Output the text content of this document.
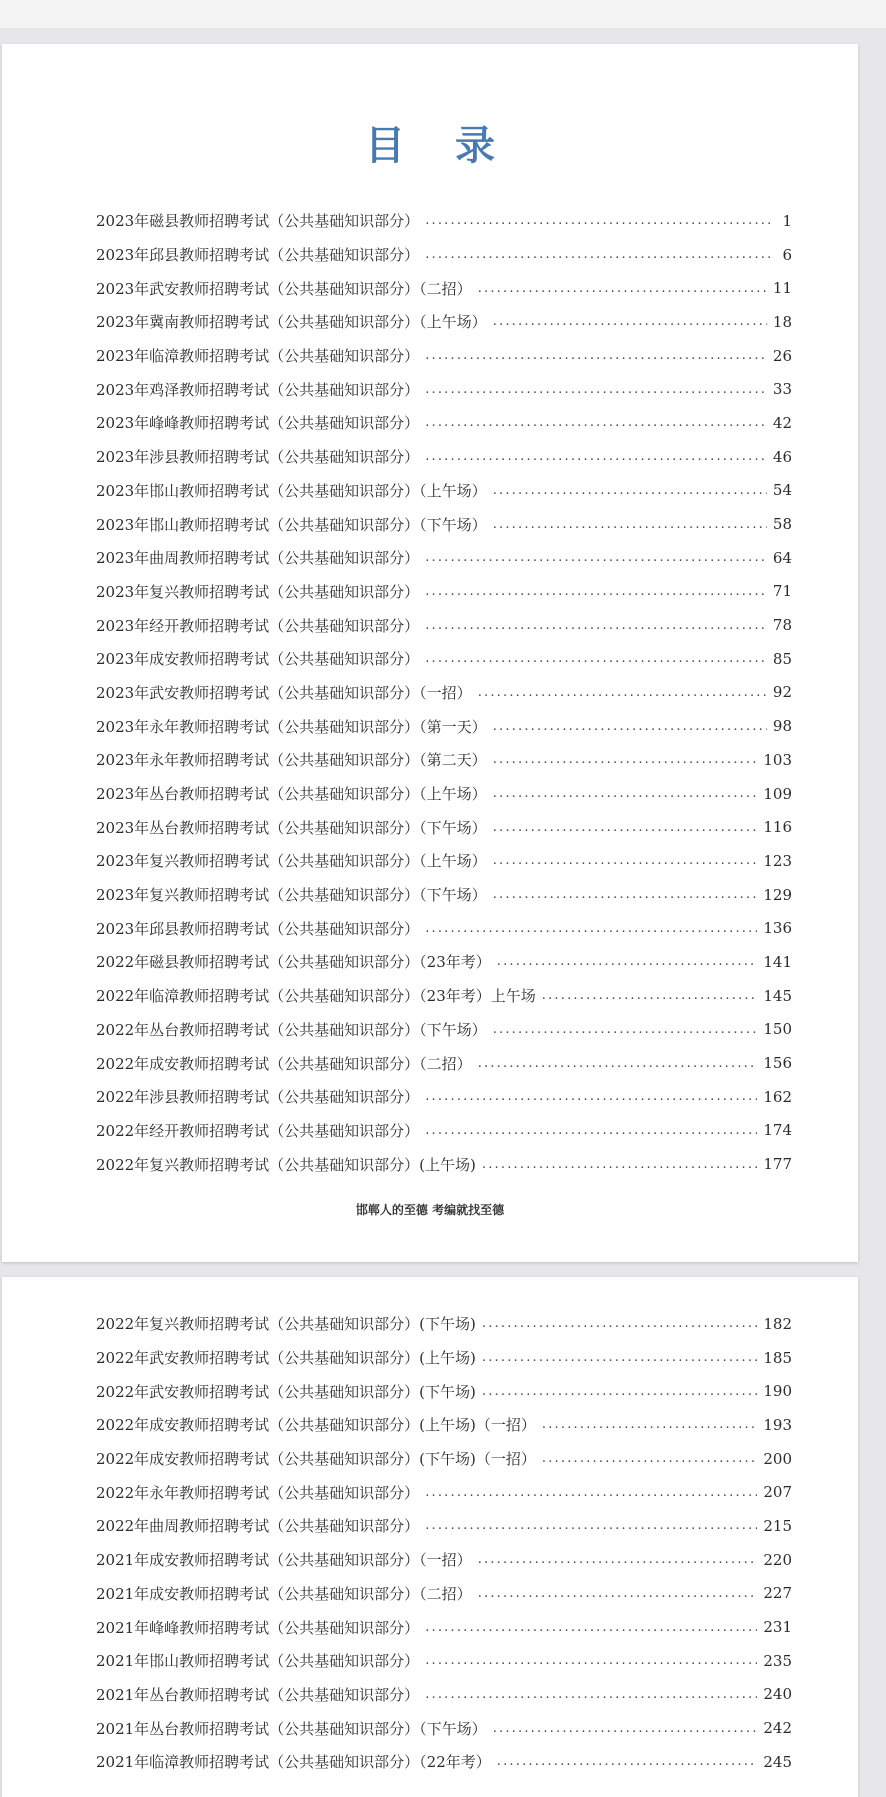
目 录
2023年磁县教师招聘考试（公共基础知识部分） .....	1
2023年邱县教师招聘考试（公共基础知识部分） .....	6
2023年武安教师招聘考试（公共基础知识部分）（二招） .....	11
2023年冀南教师招聘考试（公共基础知识部分）（上午场） .....	18
2023年临漳教师招聘考试（公共基础知识部分） .....	26
2023年鸡泽教师招聘考试（公共基础知识部分） .....	33
2023年峰峰教师招聘考试（公共基础知识部分） .....	42
2023年涉县教师招聘考试（公共基础知识部分） .....	46
2023年邯山教师招聘考试（公共基础知识部分）（上午场） .....	54
2023年邯山教师招聘考试（公共基础知识部分）（下午场） .....	58
2023年曲周教师招聘考试（公共基础知识部分） .....	64
2023年复兴教师招聘考试（公共基础知识部分） .....	71
2023年经开教师招聘考试（公共基础知识部分） .....	78
2023年成安教师招聘考试（公共基础知识部分） .....	85
2023年武安教师招聘考试（公共基础知识部分）（一招） .....	92
2023年永年教师招聘考试（公共基础知识部分）（第一天） .....	98
2023年永年教师招聘考试（公共基础知识部分）（第二天） .....	103
2023年丛台教师招聘考试（公共基础知识部分）（上午场） .....	109
2023年丛台教师招聘考试（公共基础知识部分）（下午场） .....	116
2023年复兴教师招聘考试（公共基础知识部分）（上午场） .....	123
2023年复兴教师招聘考试（公共基础知识部分）（下午场） .....	129
2023年邱县教师招聘考试（公共基础知识部分） .....	136
2022年磁县教师招聘考试（公共基础知识部分）（23年考） .....	141
2022年临漳教师招聘考试（公共基础知识部分）（23年考）上午场 .....	145
2022年丛台教师招聘考试（公共基础知识部分）（下午场） .....	150
2022年成安教师招聘考试（公共基础知识部分）（二招） .....	156
2022年涉县教师招聘考试（公共基础知识部分） .....	162
2022年经开教师招聘考试（公共基础知识部分） .....	174
2022年复兴教师招聘考试（公共基础知识部分）(上午场) .....	177
邯郸人的至德 考编就找至德
2022年复兴教师招聘考试（公共基础知识部分）(下午场) .....	182
2022年武安教师招聘考试（公共基础知识部分）(上午场) .....	185
2022年武安教师招聘考试（公共基础知识部分）(下午场) .....	190
2022年成安教师招聘考试（公共基础知识部分）(上午场)（一招） .....	193
2022年成安教师招聘考试（公共基础知识部分）(下午场)（一招） .....	200
2022年永年教师招聘考试（公共基础知识部分） .....	207
2022年曲周教师招聘考试（公共基础知识部分） .....	215
2021年成安教师招聘考试（公共基础知识部分）（一招） .....	220
2021年成安教师招聘考试（公共基础知识部分）（二招） .....	227
2021年峰峰教师招聘考试（公共基础知识部分） .....	231
2021年邯山教师招聘考试（公共基础知识部分） .....	235
2021年丛台教师招聘考试（公共基础知识部分） .....	240
2021年丛台教师招聘考试（公共基础知识部分）（下午场） .....	242
2021年临漳教师招聘考试（公共基础知识部分）（22年考） .....	245
